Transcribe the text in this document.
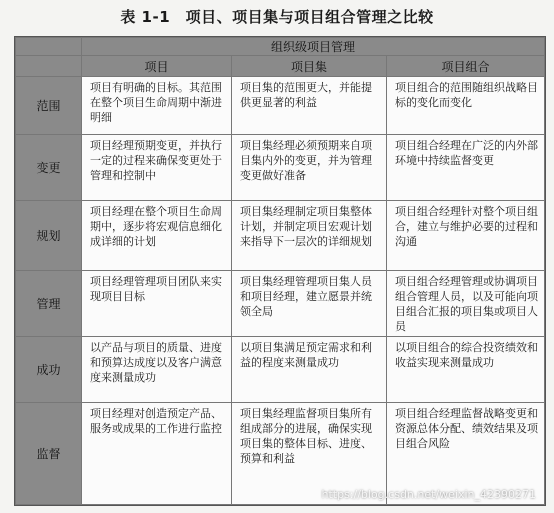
表 1-1　项目、项目集与项目组合管理之比较
	组织级项目管理		
	项目	项目集	项目组合
范围	项目有明确的目标。其范围在整个项目生命周期中渐进明细	项目集的范围更大，并能提供更显著的利益	项目组合的范围随组织战略目标的变化而变化
变更	项目经理预期变更，并执行一定的过程来确保变更处于管理和控制中	项目集经理必须预期来自项目集内外的变更，并为管理变更做好准备	项目组合经理在广泛的内外部环境中持续监督变更
规划	项目经理在整个项目生命周期中，逐步将宏观信息细化成详细的计划	项目集经理制定项目集整体计划，并制定项目宏观计划来指导下一层次的详细规划	项目组合经理针对整个项目组合，建立与维护必要的过程和沟通
管理	项目经理管理项目团队来实现项目目标	项目集经理管理项目集人员和项目经理，建立愿景并统领全局	项目组合经理管理或协调项目组合管理人员，以及可能向项目组合汇报的项目集或项目人员
成功	以产品与项目的质量、进度和预算达成度以及客户满意度来测量成功	以项目集满足预定需求和利益的程度来测量成功	以项目组合的综合投资绩效和收益实现来测量成功
监督	项目经理对创造预定产品、服务或成果的工作进行监控	项目集经理监督项目集所有组成部分的进展，确保实现项目集的整体目标、进度、预算和利益	项目组合经理监督战略变更和资源总体分配、绩效结果及项目组合风险
https://blog.csdn.net/weixin_42390271
